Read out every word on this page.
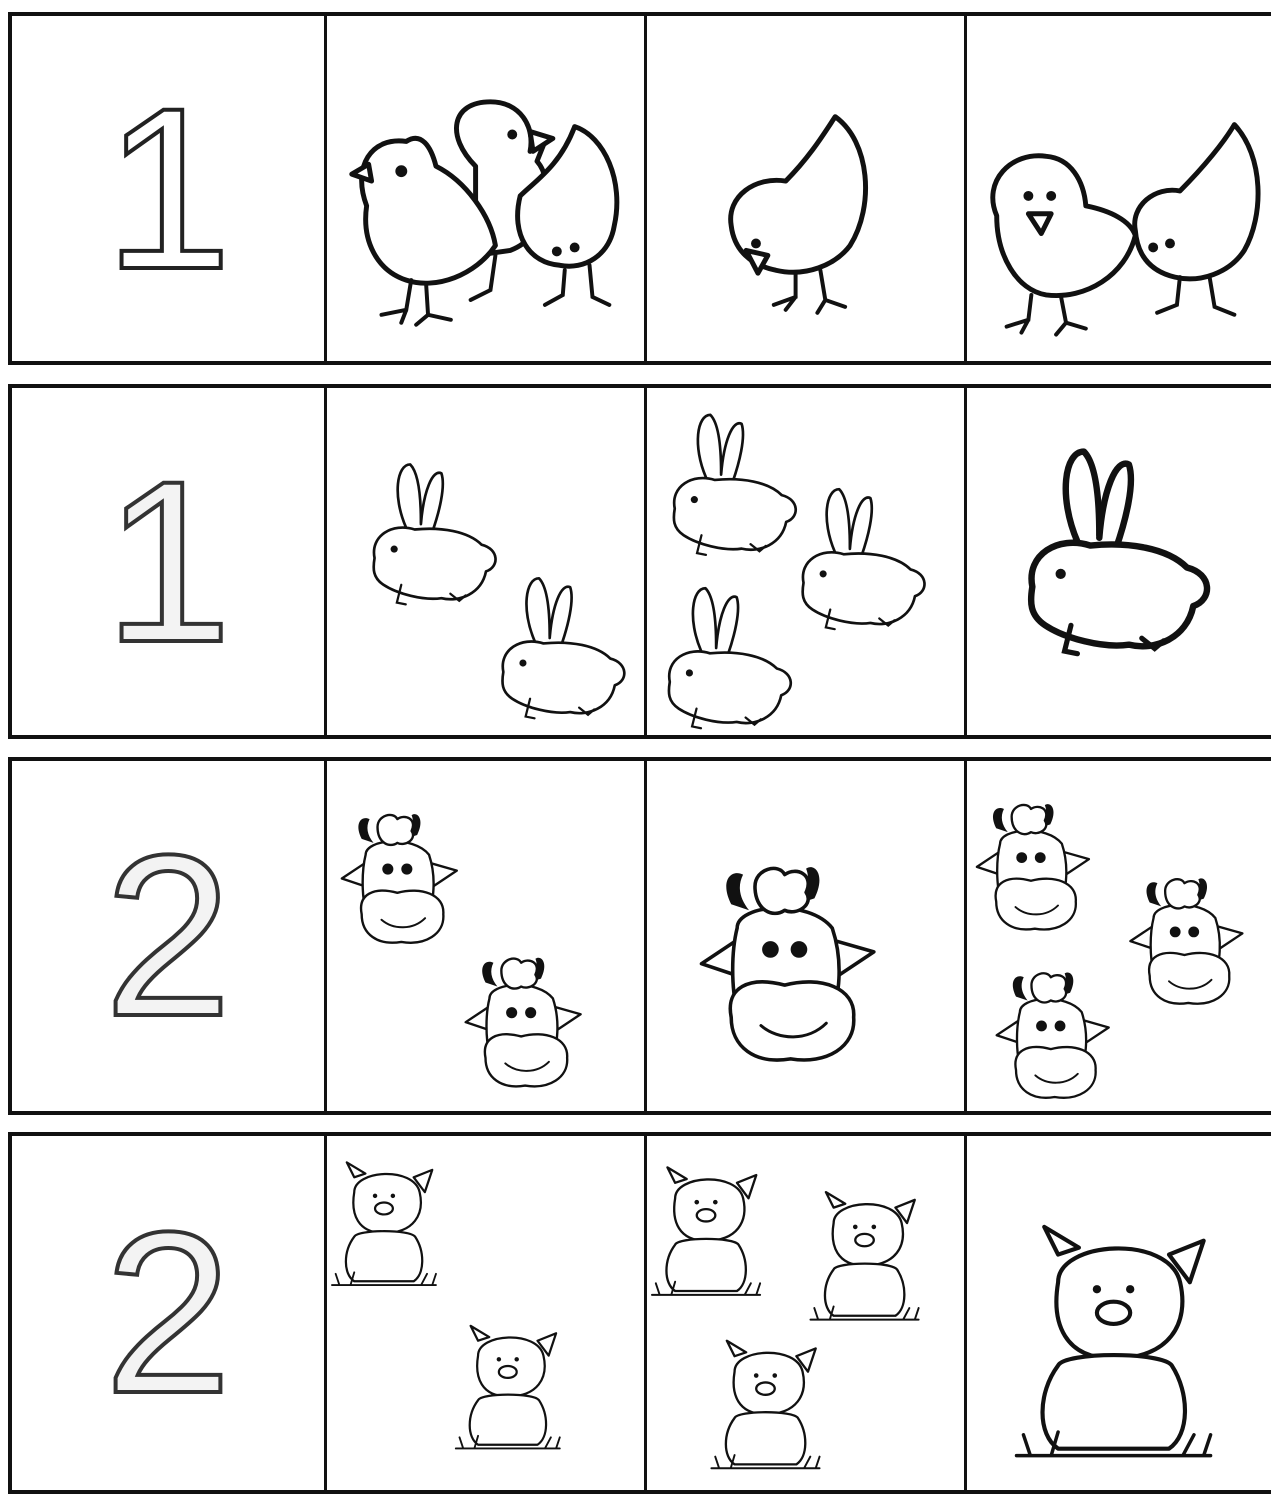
1
1
2
2
